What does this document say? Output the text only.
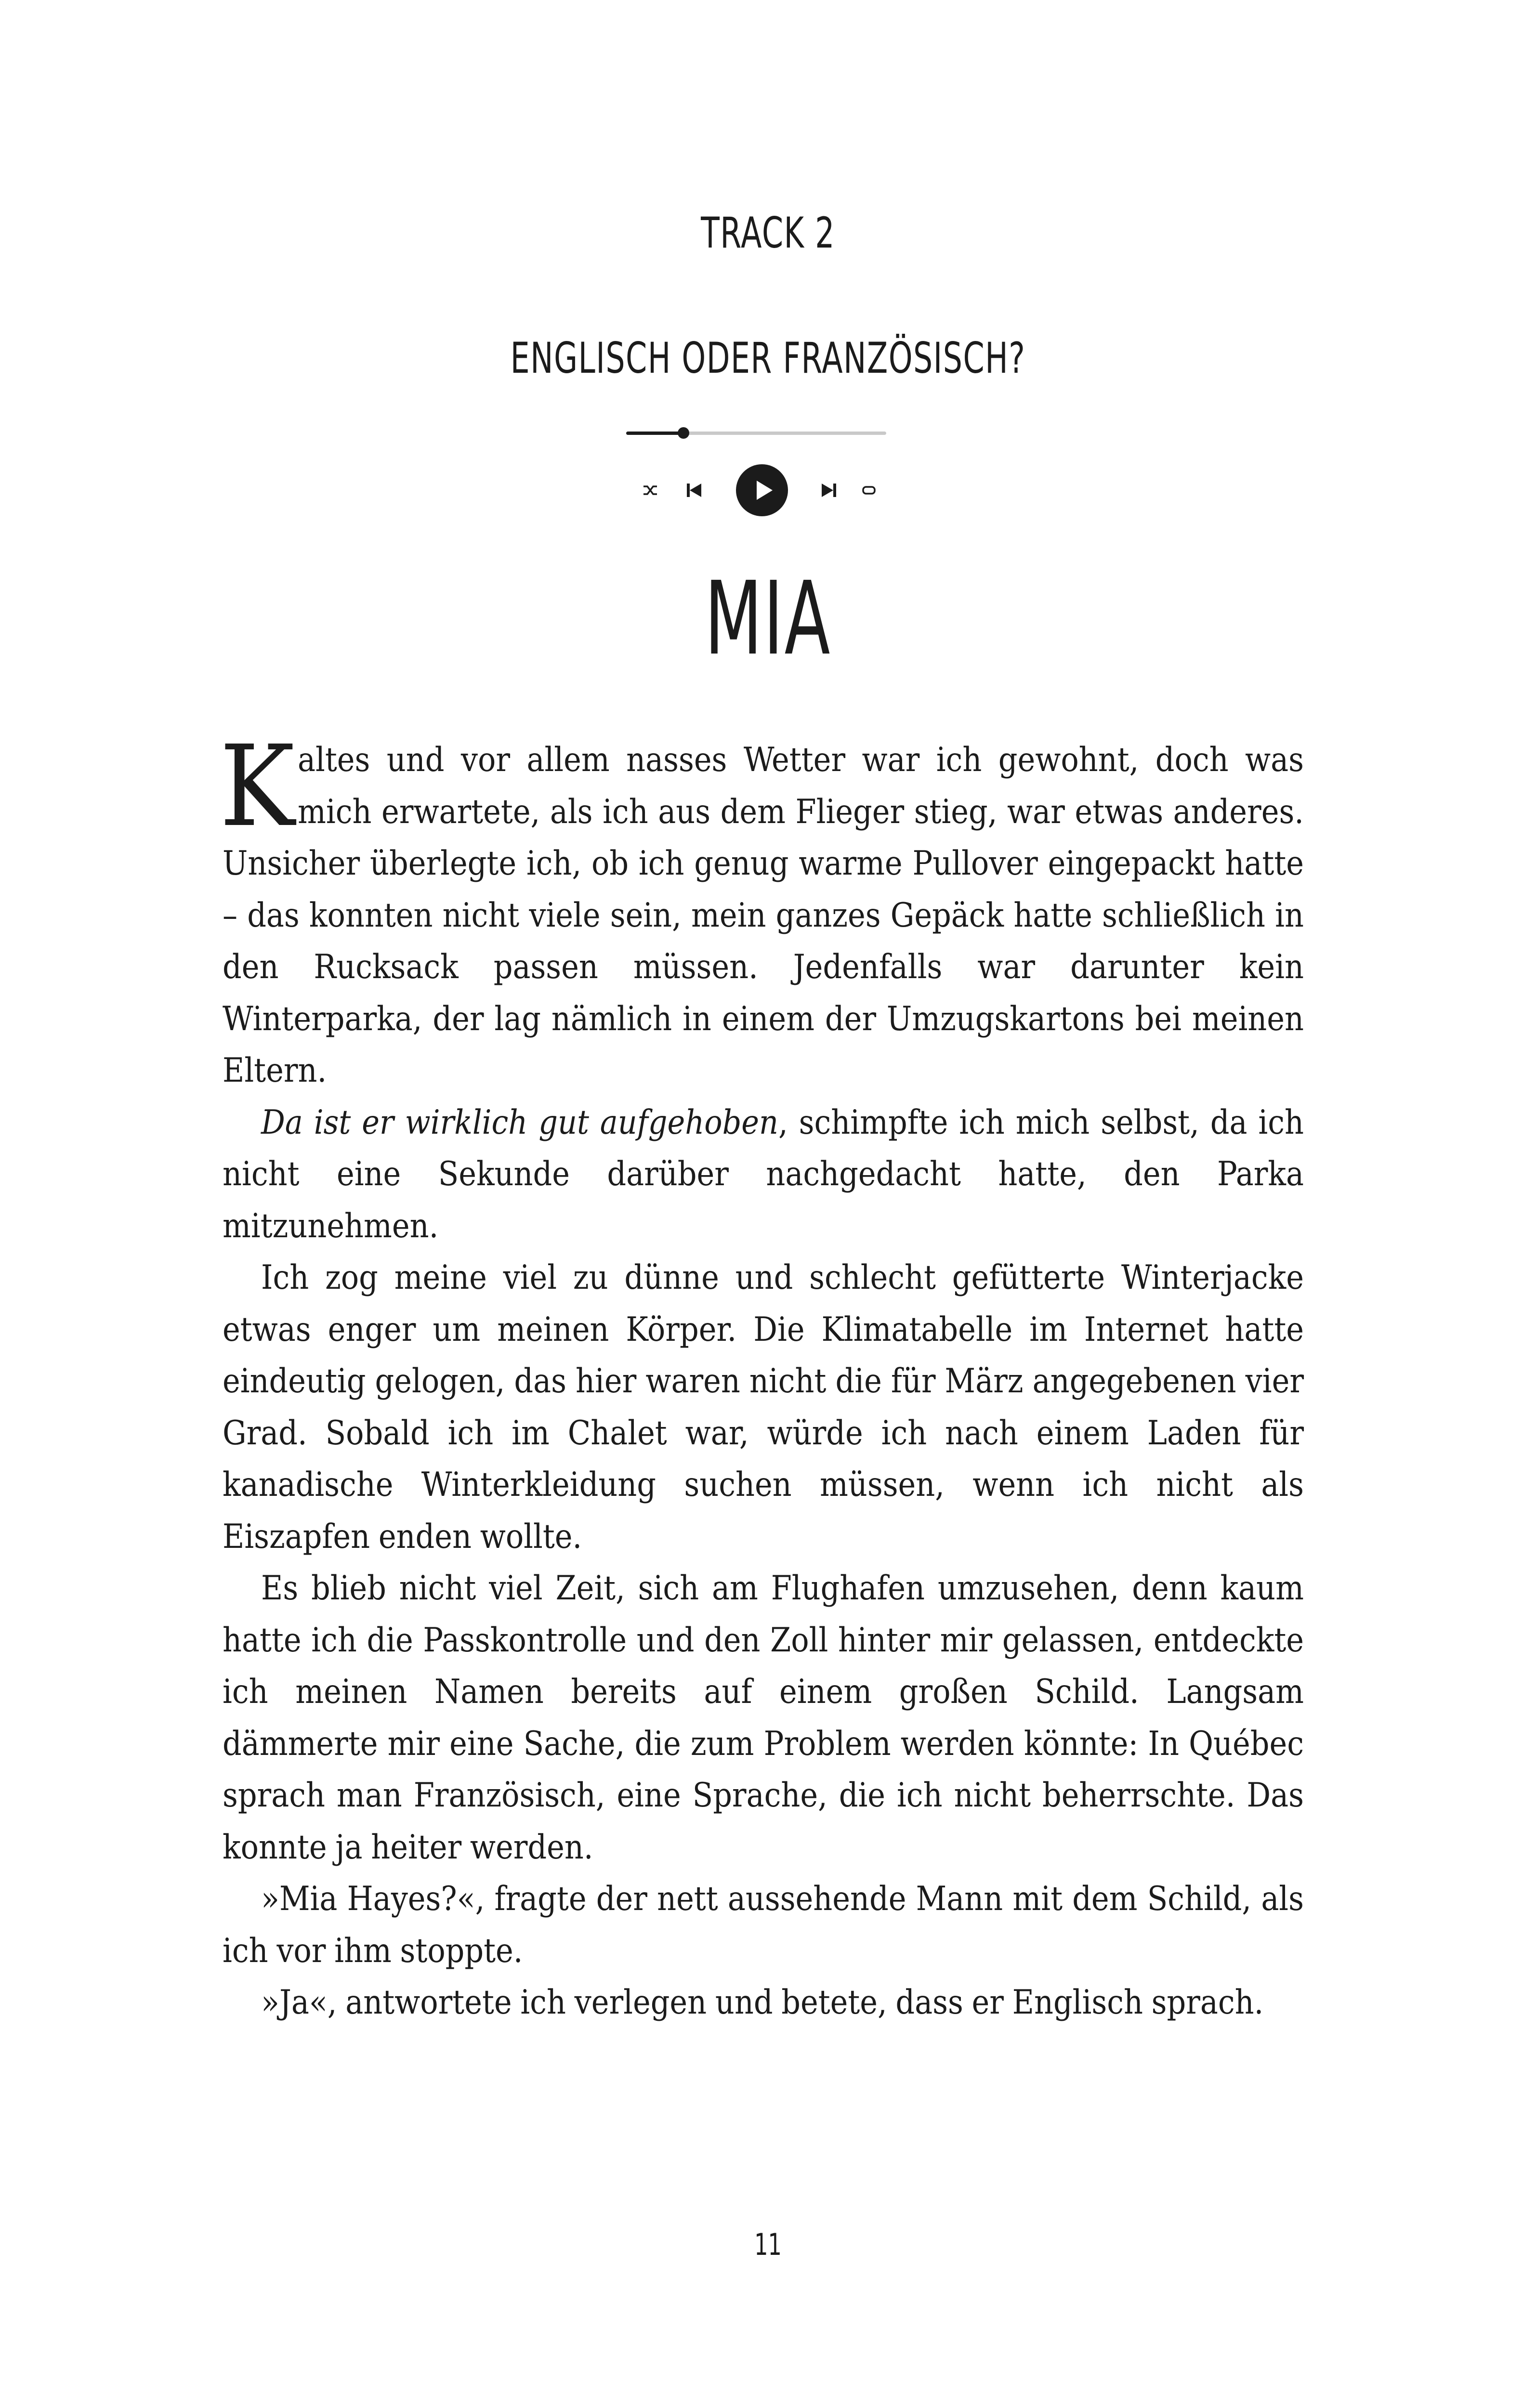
TRACK 2
ENGLISCH ODER FRANZÖSISCH?
MIA

Kaltes und vor allem nasses Wetter war ich gewohnt, doch was mich erwartete, als ich aus dem Flieger stieg, war etwas anderes. Unsicher überlegte ich, ob ich genug warme Pullover eingepackt hatte – das konnten nicht viele sein, mein ganzes Gepäck hatte schließlich in den Rucksack passen müssen. Jedenfalls war darunter kein Winterparka, der lag nämlich in einem der Umzugskartons bei meinen Eltern.

Da ist er wirklich gut aufgehoben, schimpfte ich mich selbst, da ich nicht eine Sekunde darüber nachgedacht hatte, den Parka mitzunehmen.

Ich zog meine viel zu dünne und schlecht gefütterte Winterjacke etwas enger um meinen Körper. Die Klimatabelle im Internet hatte eindeutig gelogen, das hier waren nicht die für März angegebenen vier Grad. Sobald ich im Chalet war, würde ich nach einem Laden für kanadische Winterkleidung suchen müssen, wenn ich nicht als Eiszapfen enden wollte.

Es blieb nicht viel Zeit, sich am Flughafen umzusehen, denn kaum hatte ich die Passkontrolle und den Zoll hinter mir gelassen, entdeckte ich meinen Namen bereits auf einem großen Schild. Langsam dämmerte mir eine Sache, die zum Problem werden könnte: In Québec sprach man Französisch, eine Sprache, die ich nicht beherrschte. Das konnte ja heiter werden.

»Mia Hayes?«, fragte der nett aussehende Mann mit dem Schild, als ich vor ihm stoppte.

»Ja«, antwortete ich verlegen und betete, dass er Englisch sprach.

11
